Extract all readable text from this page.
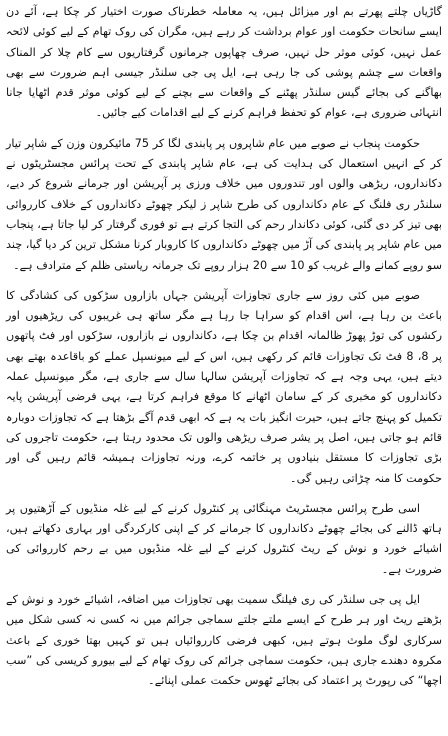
گاڑیاں چلتے پھرتے بم اور میزائل ہیں، یہ معاملہ خطرناک صورت اختیار کر چکا ہے، آئے دن ایسے سانحات حکومت اور عوام برداشت کر رہے ہیں، مگران کی روک تھام کے لیے کوئی لائحہ عمل نہیں، کوئی موثر حل نہیں، صرف چھاپوں جرمانوں گرفتاریوں سے کام چلا کر المناک واقعات سے چشم پوشی کی جا رہی ہے، ایل پی جی سلنڈر جیسی اہم ضرورت سے بھی بھاگنے کی بجائے گیس سلنڈر پھٹنے کے واقعات سے بچنے کے لیے کوئی موثر قدم اٹھایا جانا انتہائی ضروری ہے، عوام کو تحفظ فراہم کرنے کے لیے اقدامات کیے جائیں۔

حکومت پنجاب نے صوبے میں عام شاپروں پر پابندی لگا کر 75 مائیکرون وزن کے شاپر تیار کر کے انہیں استعمال کی ہدایت کی ہے، عام شاپر پابندی کے تحت پرائس مجسٹریٹوں نے دکانداروں، ریڑھی والوں اور تندوروں میں خلاف ورزی پر آپریشن اور جرمانے شروع کر دیے، سلنڈر ری فلنگ کے عام دکانداروں کی طرح شاپر ز لیکر چھوٹے دکانداروں کے خلاف کارروائی بھی تیز کر دی گئی، کوئی دکاندار رحم کی التجا کرتے ہے تو فوری گرفتار کر لیا جاتا ہے، پنجاب میں عام شاپر پر پابندی کی آڑ میں چھوٹے دکانداروں کا کاروبار کرنا مشکل ترین کر دیا گیا، چند سو روپے کمانے والے غریب کو 10 سے 20 ہزار روپے تک جرمانہ ریاستی ظلم کے مترادف ہے۔

صوبے میں کئی روز سے جاری تجاوزات آپریشن جہاں بازاروں سڑکوں کی کشادگی کا باعث بن رہا ہے، اس اقدام کو سراہا جا رہا ہے مگر ساتھ ہی غریبوں کی ریڑھیوں اور رکشوں کی توڑ پھوڑ ظالمانہ اقدام بن چکا ہے، دکانداروں نے بازاروں، سڑکوں اور فٹ پاتھوں پر 8، 8 فٹ تک تجاوزات قائم کر رکھی ہیں، اس کے لیے میونسپل عملے کو باقاعدہ بھتے بھی دیتے ہیں، یہی وجہ ہے کہ تجاوزات آپریشن سالہا سال سے جاری ہے، مگر میونسپل عملہ دکانداروں کو مخبری کر کے سامان اٹھانے کا موقع فراہم کرتا ہے، یہی فرضی آپریشن پایہ تکمیل کو پہنچ جاتے ہیں، حیرت انگیز بات یہ ہے کہ ابھی قدم آگے بڑھتا ہے کہ تجاوزات دوبارہ قائم ہو جاتی ہیں، اصل پر یشر صرف ریڑھی والوں تک محدود رہتا ہے، حکومت تاجروں کی بڑی تجاوزات کا مستقل بنیادوں پر خاتمہ کرے، ورنہ تجاوزات ہمیشہ قائم رہیں گی اور حکومت کا منہ چڑاتی رہیں گی۔

اسی طرح پرائس مجسٹریٹ مہنگائی پر کنٹرول کرنے کے لیے غلہ منڈیوں کے آڑھتیوں پر ہاتھ ڈالنے کی بجائے چھوٹے دکانداروں کا جرمانے کر کے اپنی کارکردگی اور بہاری دکھاتے ہیں، اشیائے خورد و نوش کے ریٹ کنٹرول کرنے کے لیے غلہ منڈیوں میں بے رحم کارروائی کی ضرورت ہے۔

ایل پی جی سلنڈر کی ری فیلنگ سمیت بھی تجاوزات میں اضافہ، اشیائے خورد و نوش کے بڑھتے ریٹ اور ہر طرح کے ایسے ملتے جلتے سماجی جرائم میں نہ کسی نہ کسی شکل میں سرکاری لوگ ملوث ہوتے ہیں، کبھی فرضی کارروائیاں ہیں تو کہیں بھتا خوری کے باعث مکروہ دھندے جاری ہیں، حکومت سماجی جرائم کی روک تھام کے لیے بیورو کریسی کی ”سب اچھا“ کی رپورٹ پر اعتماد کی بجائے ٹھوس حکمت عملی اپنائے۔
